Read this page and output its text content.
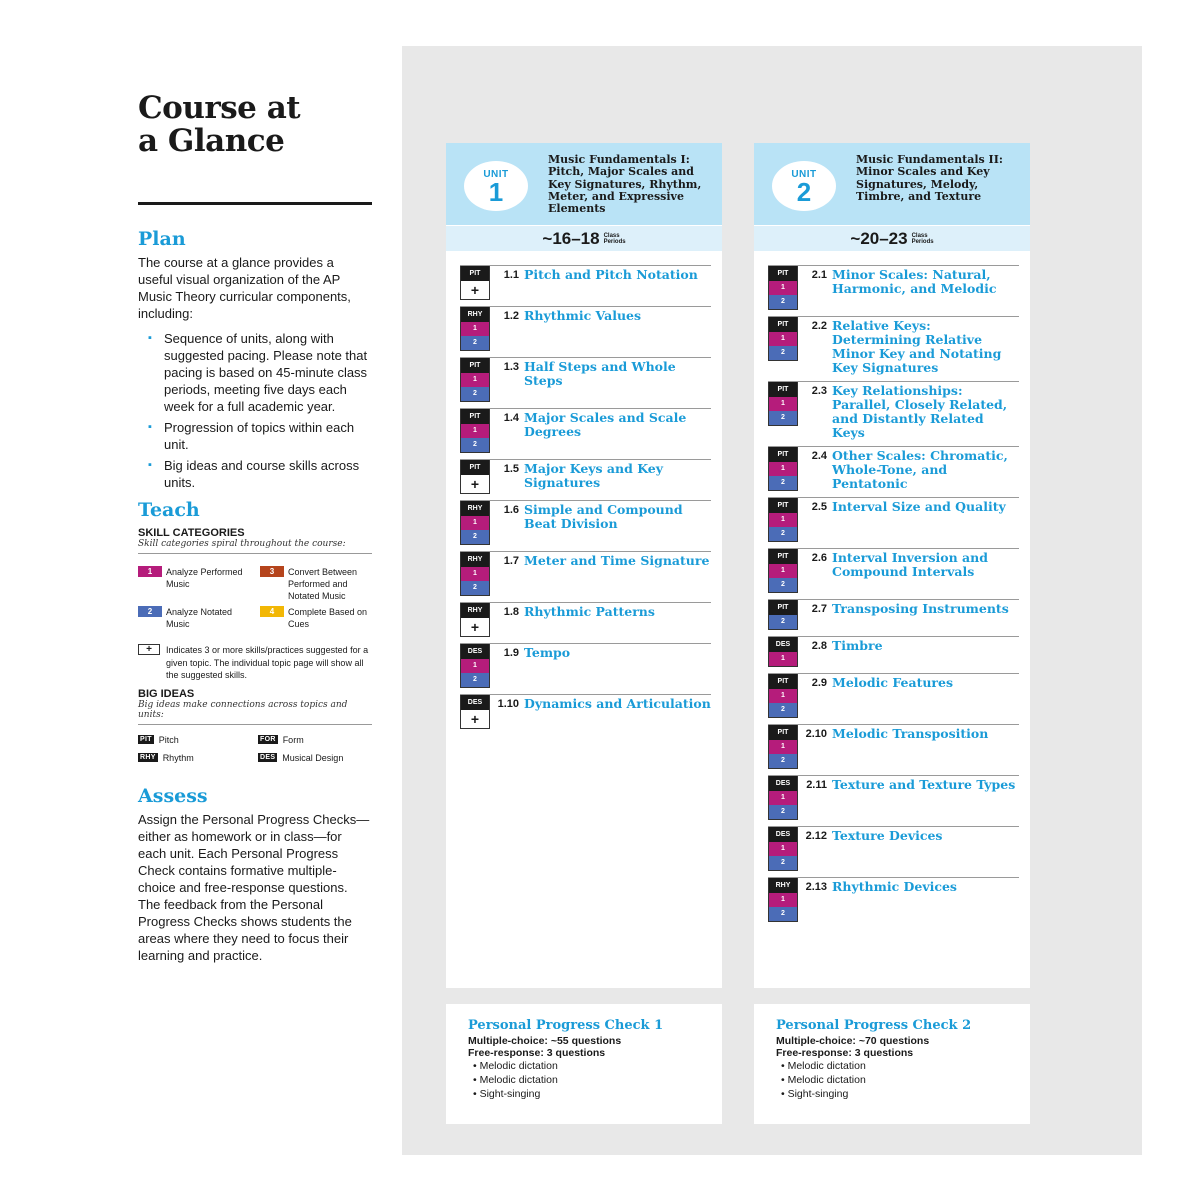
Course at
a Glance
Plan

The course at a glance provides a useful visual organization of the AP Music Theory curricular components, including:

▪ Sequence of units, along with suggested pacing. Please note that pacing is based on 45-minute class periods, meeting five days each week for a full academic year.
▪ Progression of topics within each unit.
▪ Big ideas and course skills across units.
Teach
SKILL CATEGORIES
Skill categories spiral throughout the course:
1	Analyze Performed Music
3	Convert Between Performed and Notated Music
2	Analyze Notated Music
4	Complete Based on Cues
+	Indicates 3 or more skills/practices suggested for a given topic. The individual topic page will show all the suggested skills.
BIG IDEAS
Big ideas make connections across topics and units:
PIT Pitch	FOR Form
RHY Rhythm	DES Musical Design
Assess

Assign the Personal Progress Checks—either as homework or in class—for each unit. Each Personal Progress Check contains formative multiple-choice and free-response questions. The feedback from the Personal Progress Checks shows students the areas where they need to focus their learning and practice.

UNIT
1
Music Fundamentals I: Pitch, Major Scales and Key Signatures, Rhythm, Meter, and Expressive Elements
~16–18 Class
Periods
PIT
+
1.1 Pitch and Pitch Notation
RHY
1
2
1.2 Rhythmic Values
PIT
1
2
1.3 Half Steps and Whole Steps
PIT
1
2
1.4 Major Scales and Scale Degrees
PIT
+
1.5 Major Keys and Key Signatures
RHY
1
2
1.6 Simple and Compound Beat Division
RHY
1
2
1.7 Meter and Time Signature
RHY
+
1.8 Rhythmic Patterns
DES
1
2
1.9 Tempo
DES
+
1.10 Dynamics and Articulation
UNIT
2
Music Fundamentals II: Minor Scales and Key Signatures, Melody, Timbre, and Texture
~20–23 Class
Periods
PIT
1
2
2.1 Minor Scales: Natural, Harmonic, and Melodic
PIT
1
2
2.2 Relative Keys: Determining Relative Minor Key and Notating Key Signatures
PIT
1
2
2.3 Key Relationships: Parallel, Closely Related, and Distantly Related Keys
PIT
1
2
2.4 Other Scales: Chromatic, Whole-Tone, and Pentatonic
PIT
1
2
2.5 Interval Size and Quality
PIT
1
2
2.6 Interval Inversion and Compound Intervals
PIT
2
2.7 Transposing Instruments
DES
1
2.8 Timbre
PIT
1
2
2.9 Melodic Features
PIT
1
2
2.10 Melodic Transposition
DES
1
2
2.11 Texture and Texture Types
DES
1
2
2.12 Texture Devices
RHY
1
2
2.13 Rhythmic Devices
Personal Progress Check 1
Multiple-choice: ~55 questions
Free-response: 3 questions
• Melodic dictation
• Melodic dictation
• Sight-singing
Personal Progress Check 2
Multiple-choice: ~70 questions
Free-response: 3 questions
• Melodic dictation
• Melodic dictation
• Sight-singing
